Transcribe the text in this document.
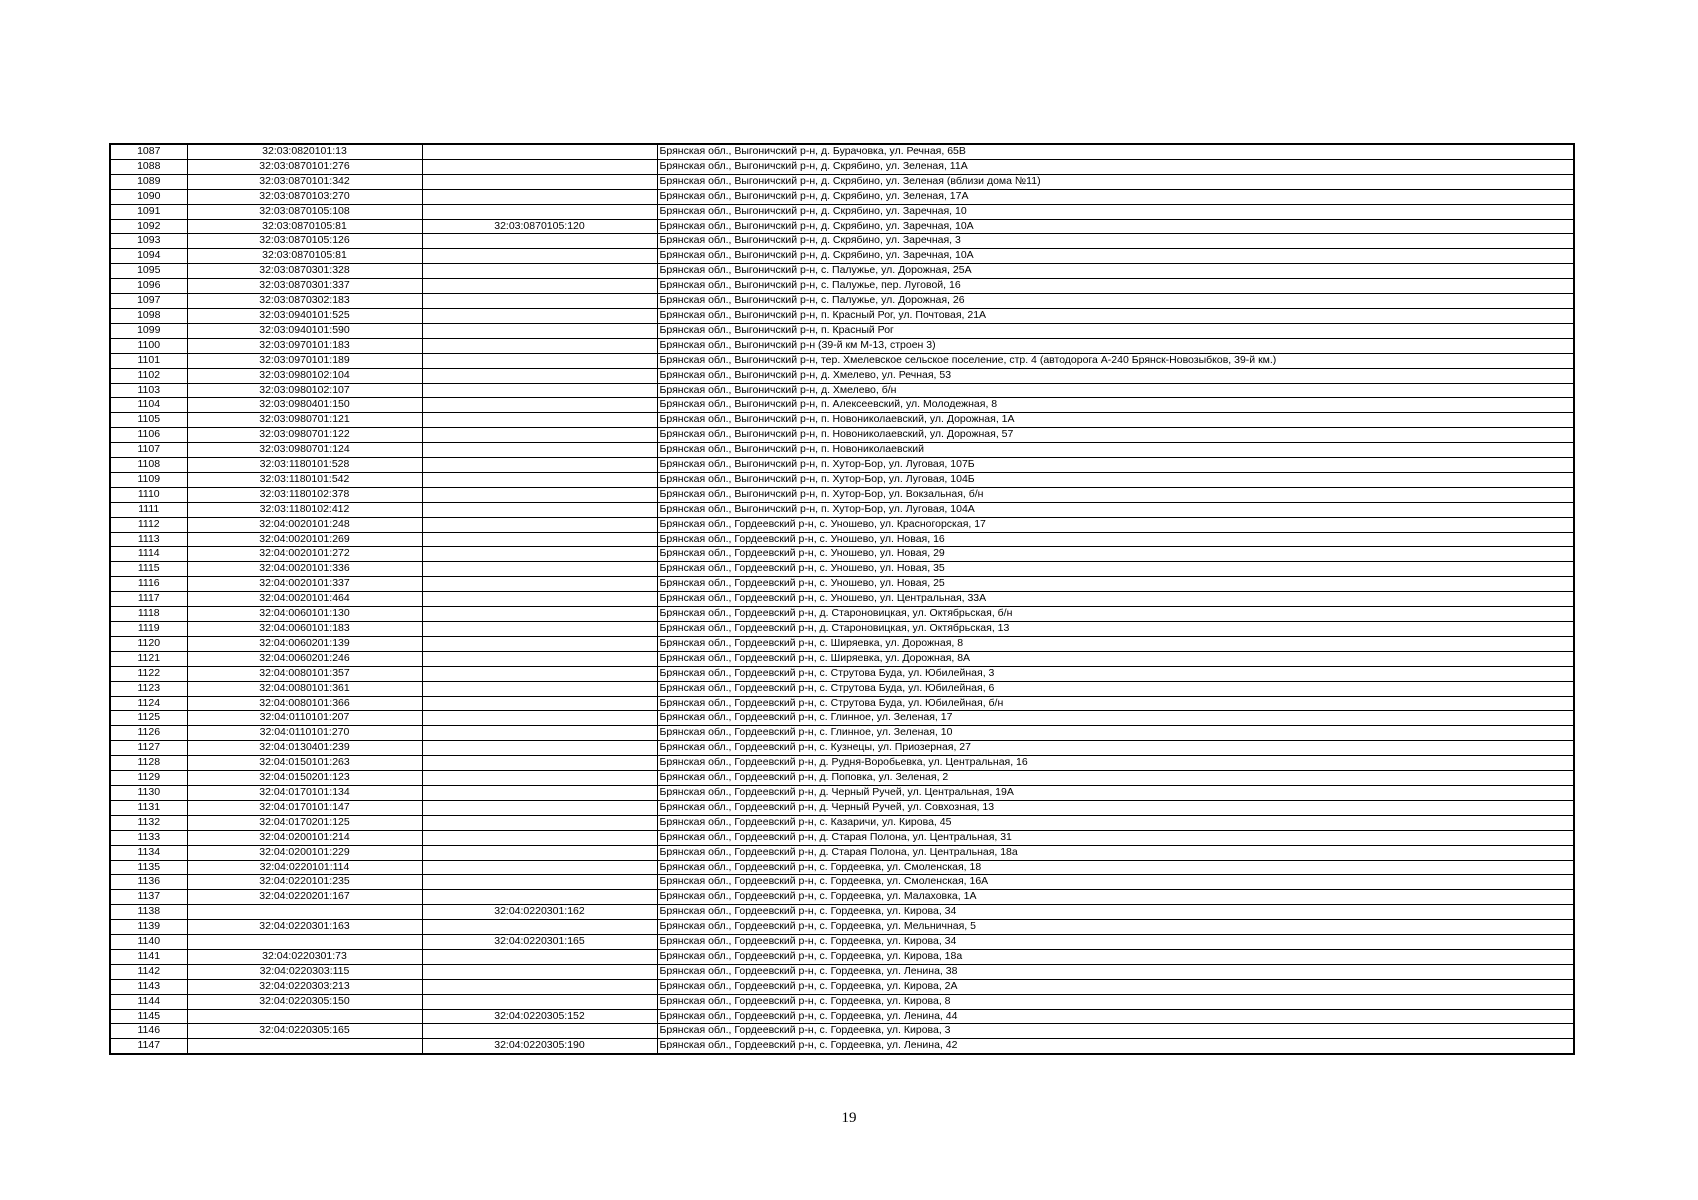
1087	32:03:0820101:13		Брянская обл., Выгоничский р-н, д. Бурачовка, ул. Речная, 65В
1088	32:03:0870101:276		Брянская обл., Выгоничский р-н, д. Скрябино, ул. Зеленая, 11А
1089	32:03:0870101:342		Брянская обл., Выгоничский р-н, д. Скрябино, ул. Зеленая (вблизи дома №11)
1090	32:03:0870103:270		Брянская обл., Выгоничский р-н, д. Скрябино, ул. Зеленая, 17А
1091	32:03:0870105:108		Брянская обл., Выгоничский р-н, д. Скрябино, ул. Заречная, 10
1092	32:03:0870105:81	32:03:0870105:120	Брянская обл., Выгоничский р-н, д. Скрябино, ул. Заречная, 10А
1093	32:03:0870105:126		Брянская обл., Выгоничский р-н, д. Скрябино, ул. Заречная, 3
1094	32:03:0870105:81		Брянская обл., Выгоничский р-н, д. Скрябино, ул. Заречная, 10А
1095	32:03:0870301:328		Брянская обл., Выгоничский р-н, с. Палужье, ул. Дорожная, 25А
1096	32:03:0870301:337		Брянская обл., Выгоничский р-н, с. Палужье, пер. Луговой, 16
1097	32:03:0870302:183		Брянская обл., Выгоничский р-н, с. Палужье, ул. Дорожная, 26
1098	32:03:0940101:525		Брянская обл., Выгоничский р-н, п. Красный Рог, ул. Почтовая, 21А
1099	32:03:0940101:590		Брянская обл., Выгоничский р-н, п. Красный Рог
1100	32:03:0970101:183		Брянская обл., Выгоничский р-н (39-й км М-13, строен 3)
1101	32:03:0970101:189		Брянская обл., Выгоничский р-н, тер. Хмелевское сельское поселение, стр. 4 (автодорога А-240 Брянск-Новозыбков, 39-й км.)
1102	32:03:0980102:104		Брянская обл., Выгоничский р-н, д. Хмелево, ул. Речная, 53
1103	32:03:0980102:107		Брянская обл., Выгоничский р-н, д. Хмелево, б/н
1104	32:03:0980401:150		Брянская обл., Выгоничский р-н, п. Алексеевский, ул. Молодежная, 8
1105	32:03:0980701:121		Брянская обл., Выгоничский р-н, п. Новониколаевский, ул. Дорожная, 1А
1106	32:03:0980701:122		Брянская обл., Выгоничский р-н, п. Новониколаевский, ул. Дорожная, 57
1107	32:03:0980701:124		Брянская обл., Выгоничский р-н, п. Новониколаевский
1108	32:03:1180101:528		Брянская обл., Выгоничский р-н, п. Хутор-Бор, ул. Луговая, 107Б
1109	32:03:1180101:542		Брянская обл., Выгоничский р-н, п. Хутор-Бор, ул. Луговая, 104Б
1110	32:03:1180102:378		Брянская обл., Выгоничский р-н, п. Хутор-Бор, ул. Вокзальная, б/н
1111	32:03:1180102:412		Брянская обл., Выгоничский р-н, п. Хутор-Бор, ул. Луговая, 104А
1112	32:04:0020101:248		Брянская обл., Гордеевский р-н, с. Уношево, ул. Красногорская, 17
1113	32:04:0020101:269		Брянская обл., Гордеевский р-н, с. Уношево, ул. Новая, 16
1114	32:04:0020101:272		Брянская обл., Гордеевский р-н, с. Уношево, ул. Новая, 29
1115	32:04:0020101:336		Брянская обл., Гордеевский р-н, с. Уношево, ул. Новая, 35
1116	32:04:0020101:337		Брянская обл., Гордеевский р-н, с. Уношево, ул. Новая, 25
1117	32:04:0020101:464		Брянская обл., Гордеевский р-н, с. Уношево, ул. Центральная, 33А
1118	32:04:0060101:130		Брянская обл., Гордеевский р-н, д. Староновицкая, ул. Октябрьская, б/н
1119	32:04:0060101:183		Брянская обл., Гордеевский р-н, д. Староновицкая, ул. Октябрьская, 13
1120	32:04:0060201:139		Брянская обл., Гордеевский р-н, с. Ширяевка, ул. Дорожная, 8
1121	32:04:0060201:246		Брянская обл., Гордеевский р-н, с. Ширяевка, ул. Дорожная, 8А
1122	32:04:0080101:357		Брянская обл., Гордеевский р-н, с. Струтова Буда, ул. Юбилейная, 3
1123	32:04:0080101:361		Брянская обл., Гордеевский р-н, с. Струтова Буда, ул. Юбилейная, 6
1124	32:04:0080101:366		Брянская обл., Гордеевский р-н, с. Струтова Буда, ул. Юбилейная, б/н
1125	32:04:0110101:207		Брянская обл., Гордеевский р-н, с. Глинное, ул. Зеленая, 17
1126	32:04:0110101:270		Брянская обл., Гордеевский р-н, с. Глинное, ул. Зеленая, 10
1127	32:04:0130401:239		Брянская обл., Гордеевский р-н, с. Кузнецы, ул. Приозерная, 27
1128	32:04:0150101:263		Брянская обл., Гордеевский р-н, д. Рудня-Воробьевка, ул. Центральная, 16
1129	32:04:0150201:123		Брянская обл., Гордеевский р-н, д. Поповка, ул. Зеленая, 2
1130	32:04:0170101:134		Брянская обл., Гордеевский р-н, д. Черный Ручей, ул. Центральная, 19А
1131	32:04:0170101:147		Брянская обл., Гордеевский р-н, д. Черный Ручей, ул. Совхозная, 13
1132	32:04:0170201:125		Брянская обл., Гордеевский р-н, с. Казаричи, ул. Кирова, 45
1133	32:04:0200101:214		Брянская обл., Гордеевский р-н, д. Старая Полона, ул. Центральная, 31
1134	32:04:0200101:229		Брянская обл., Гордеевский р-н, д. Старая Полона, ул. Центральная, 18а
1135	32:04:0220101:114		Брянская обл., Гордеевский р-н, с. Гордеевка, ул. Смоленская, 18
1136	32:04:0220101:235		Брянская обл., Гордеевский р-н, с. Гордеевка, ул. Смоленская, 16А
1137	32:04:0220201:167		Брянская обл., Гордеевский р-н, с. Гордеевка, ул. Малаховка, 1А
1138		32:04:0220301:162	Брянская обл., Гордеевский р-н, с. Гордеевка, ул. Кирова, 34
1139	32:04:0220301:163		Брянская обл., Гордеевский р-н, с. Гордеевка, ул. Мельничная, 5
1140		32:04:0220301:165	Брянская обл., Гордеевский р-н, с. Гордеевка, ул. Кирова, 34
1141	32:04:0220301:73		Брянская обл., Гордеевский р-н, с. Гордеевка, ул. Кирова, 18а
1142	32:04:0220303:115		Брянская обл., Гордеевский р-н, с. Гордеевка, ул. Ленина, 38
1143	32:04:0220303:213		Брянская обл., Гордеевский р-н, с. Гордеевка, ул. Кирова, 2А
1144	32:04:0220305:150		Брянская обл., Гордеевский р-н, с. Гордеевка, ул. Кирова, 8
1145		32:04:0220305:152	Брянская обл., Гордеевский р-н, с. Гордеевка, ул. Ленина, 44
1146	32:04:0220305:165		Брянская обл., Гордеевский р-н, с. Гордеевка, ул. Кирова, 3
1147		32:04:0220305:190	Брянская обл., Гордеевский р-н, с. Гордеевка, ул. Ленина, 42
19
